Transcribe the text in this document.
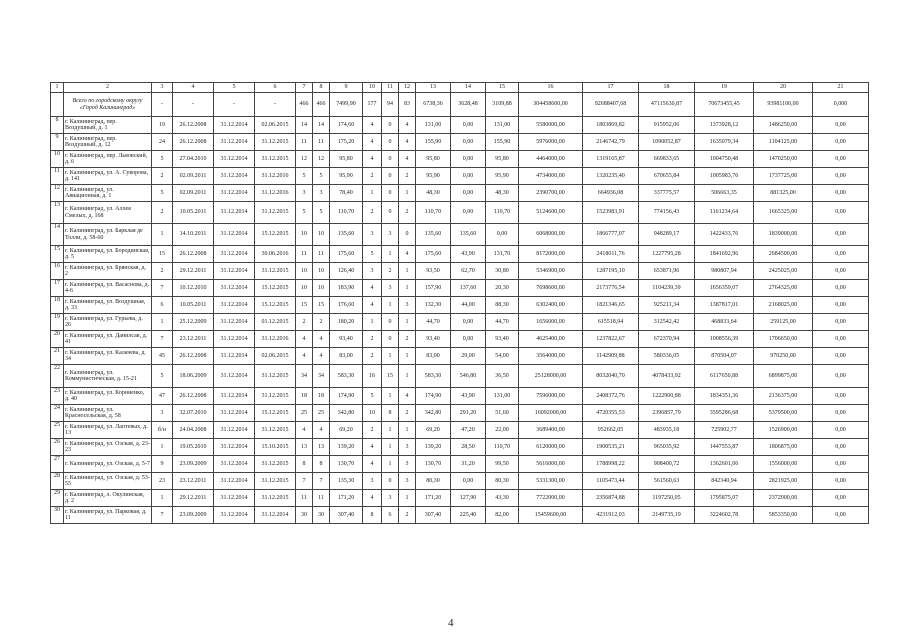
1	2	3	4	5	6	7	8	9	10	11	12	13	14	15	16	17	18	19	20	21
	Всего по городскому округу «Город Калининград»	-	-	-	-	466	466	7499,90	177	94	83	6738,36	3628,48	3109,88	304458600,00	92688407,68	47115630,87	70673455,45	93981100,00	0,000
8	г. Калининград, пер. Воздушный, д. 1	19	26.12.2008	31.12.2014	02.06.2015	14	14	174,60	4	0	4	131,00	0,00	131,00	5580000,00	1803869,82	915952,06	1373928,12	1486250,00	0,00
9	г. Калининград, пер. Воздушный, д. 12	24	26.12.2008	31.12.2014	31.12.2015	11	11	175,20	4	0	4	155,90	0,00	155,90	5976000,00	2146742,79	1090052,87	1635079,34	1104125,00	0,00
10	г. Калининград, пер. Львовский, д. 6	5	27.04.2010	31.12.2014	31.12.2015	12	12	95,80	4	0	4	95,80	0,00	95,80	4464000,00	1319165,87	669833,65	1004750,48	1470250,00	0,00
11	г. Калининград, ул. А. Суворова, д. 141	2	02.09.2011	31.12.2014	31.12.2016	5	5	95,90	2	0	2	95,90	0,00	95,90	4734000,00	1320235,40	670655,84	1005983,76	1737725,00	0,00
12	г. Калининград, ул. Авиационная, д. 1	5	02.09.2011	31.12.2014	31.12.2016	3	3	78,40	1	0	1	48,30	0,00	48,30	2390700,00	664936,08	337775,57	506663,35	881325,00	0,00
13	г. Калининград, ул. Аллея Смелых, д. 168	2	10.05.2011	31.12.2014	31.12.2015	5	5	110,70	2	0	2	110,70	0,00	110,70	5124600,00	1523983,91	774156,43	1161234,64	1665325,00	0,00
14	г. Калининград, ул. Барклая де Толли, д. 58-60	1	14.10.2011	31.12.2014	15.12.2015	10	10	135,60	3	3	0	135,60	135,60	0,00	6068000,00	1866777,07	948289,17	1422433,76	1839000,00	0,00
15	г. Калининград, ул. Бородинская, д. 5	15	26.12.2008	31.12.2014	30.06.2016	11	11	175,60	5	1	4	175,60	43,90	131,70	8172000,00	2418011,76	1227795,28	1841692,96	2684500,00	0,00
16	г. Калининград, ул. Брянская, д. 2	2	29.12.2011	31.12.2014	31.12.2015	10	10	126,40	3	2	1	93,50	62,70	30,80	5346900,00	1287195,10	653871,96	980807,94	2425025,00	0,00
17	г. Калининград, ул. Васаснова, д. 4-6	7	10.12.2010	31.12.2014	15.12.2015	10	10	183,90	4	3	1	157,90	137,60	20,30	7698600,00	2173776,54	1104239,39	1656359,07	2764325,00	0,00
18	г. Калининград, ул. Воздушная, д. 33	6	10.05.2011	31.12.2014	15.12.2015	15	15	176,60	4	1	3	132,30	44,00	88,30	6302400,00	1821346,65	925211,34	1387817,01	2168025,00	0,00
19	г. Калининград, ул. Гурьева, д. 26	1	25.12.2009	31.12.2014	01.12.2015	2	2	180,20	1	0	1	44,70	0,00	44,70	1656000,00	615518,94	312542,42	468833,64	259125,00	0,00
20	г. Калининград, ул. Данилсав, д. 41	7	23.12.2011	31.12.2014	31.12.2016	4	4	93,40	2	0	2	93,40	0,00	93,40	4625400,00	1237822,67	672370,94	1008556,39	1706650,00	0,00
21	г. Калининград, ул. Калачева, д. 34	45	26.12.2008	31.12.2014	02.06.2015	4	4	83,00	2	1	1	83,00	29,00	54,00	3564000,00	1142909,88	580336,05	870504,07	970250,00	0,00
22	г. Калининград, ул. Коммунистическая, д. 15-21	5	18.06.2009	31.12.2014	31.12.2015	34	34	583,30	16	15	1	583,30	546,80	36,50	25128000,00	8032040,70	4078433,92	6117650,88	6899875,00	0,00
23	г. Калининград, ул. Корниенко, д. 40	47	26.12.2008	31.12.2014	31.12.2015	18	18	174,90	5	1	4	174,90	43,90	131,00	7596000,00	2408372,76	1222900,88	1834351,36	2136375,00	0,00
24	г. Калининград, ул. Красносельская, д. 58	3	32.07.2010	31.12.2014	15.12.2015	25	25	342,80	10	8	2	342,80	291,20	51,60	16092000,00	4720355,53	2396857,79	3595286,68	5379500,00	0,00
25	г. Калининград, ул. Лаптевых, д. 13	б/н	24.04.2008	31.12.2014	31.12.2015	4	4	69,20	2	1	1	69,20	47,20	22,00	3689400,00	952662,05	483935,18	725902,77	1526900,00	0,00
26	г. Калининград, ул. Озская, д. 23-23	1	19.05.2010	31.12.2014	15.10.2015	13	13	139,20	4	1	3	139,20	28,50	110,70	6120000,00	1900535,21	965035,92	1447553,87	1806875,00	0,00
27	г. Калининград, ул. Озская, д. 5-7	9	23.09.2009	31.12.2014	31.12.2015	8	8	130,70	4	1	3	130,70	31,20	99,50	5616000,00	1788998,22	908400,72	1362601,06	1556000,00	0,00
28	г. Калининград, ул. Озская, д. 53-55	23	23.12.2011	31.12.2014	31.12.2015	7	7	135,30	3	0	3	80,30	0,00	80,30	5331300,00	1105473,44	561560,63	842340,94	2821925,00	0,00
29	г. Калининград, л. Окулинская, д. 2	1	29.12.2011	31.12.2014	31.12.2015	11	11	171,20	4	3	1	171,20	127,90	43,30	7722000,00	2356874,88	1197250,05	1795875,07	2372000,00	0,00
30	г. Калининград, ул. Парковая, д. 11	7	23.09.2009	31.12.2014	31.12.2014	30	30	307,40	8	6	2	307,40	225,40	82,00	15459600,00	4231912,03	2149735,19	3224602,78	5853350,00	0,00
4
